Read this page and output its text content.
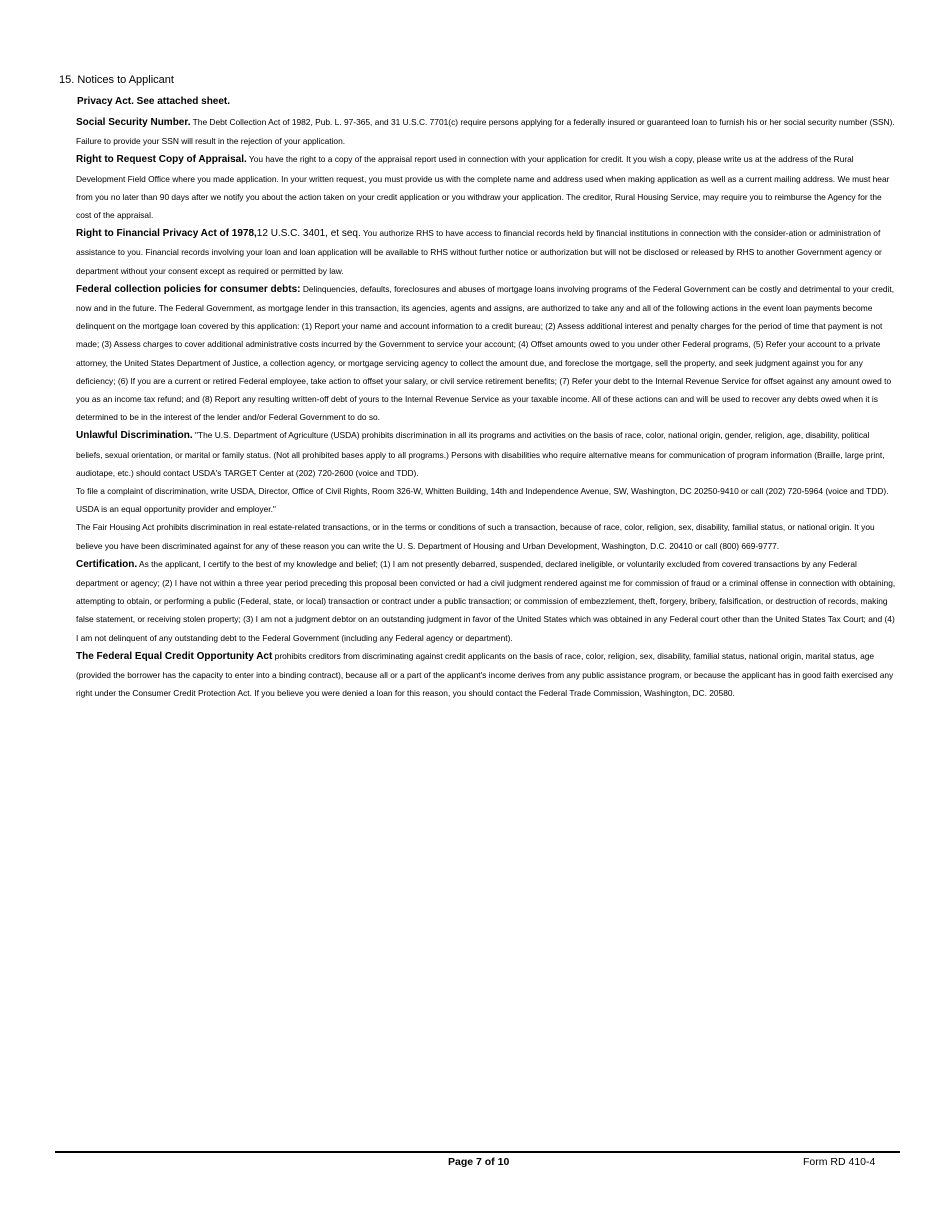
15. Notices to Applicant
Privacy Act. See attached sheet.

Social Security Number. The Debt Collection Act of 1982, Pub. L. 97-365, and 31 U.S.C. 7701(c) require persons applying for a federally insured or guaranteed loan to furnish his or her social security number (SSN). Failure to provide your SSN will result in the rejection of your application.

Right to Request Copy of Appraisal. You have the right to a copy of the appraisal report used in connection with your application for credit. It you wish a copy, please write us at the address of the Rural Development Field Office where you made application. In your written request, you must provide us with the complete name and address used when making application as well as a current mailing address. We must hear from you no later than 90 days after we notify you about the action taken on your credit application or you withdraw your application. The creditor, Rural Housing Service, may require you to reimburse the Agency for the cost of the appraisal.

Right to Financial Privacy Act of 1978,12 U.S.C. 3401, et seq. You authorize RHS to have access to financial records held by financial institutions in connection with the consider-ation or administration of assistance to you. Financial records involving your loan and loan application will be available to RHS without further notice or authorization but will not be disclosed or released by RHS to another Government agency or department without your consent except as required or permitted by law.

Federal collection policies for consumer debts: Delinquencies, defaults, foreclosures and abuses of mortgage loans involving programs of the Federal Government can be costly and detrimental to your credit, now and in the future. The Federal Government, as mortgage lender in this transaction, its agencies, agents and assigns, are authorized to take any and all of the following actions in the event loan payments become delinquent on the mortgage loan covered by this application: (1) Report your name and account information to a credit bureau; (2) Assess additional interest and penalty charges for the period of time that payment is not made; (3) Assess charges to cover additional administrative costs incurred by the Government to service your account; (4) Offset amounts owed to you under other Federal programs, (5) Refer your account to a private attorney, the United States Department of Justice, a collection agency, or mortgage servicing agency to collect the amount due, and foreclose the mortgage, sell the property, and seek judgment against you for any deficiency; (6) If you are a current or retired Federal employee, take action to offset your salary, or civil service retirement benefits; (7) Refer your debt to the Internal Revenue Service for offset against any amount owed to you as an income tax refund; and (8) Report any resulting written-off debt of yours to the Internal Revenue Service as your taxable income. All of these actions can and will be used to recover any debts owed when it is determined to be in the interest of the lender and/or Federal Government to do so.

Unlawful Discrimination. "The U.S. Department of Agriculture (USDA) prohibits discrimination in all its programs and activities on the basis of race, color, national origin, gender, religion, age, disability, political beliefs, sexual orientation, or marital or family status. (Not all prohibited bases apply to all programs.) Persons with disabilities who require alternative means for communication of program information (Braille, large print, audiotape, etc.) should contact USDA's TARGET Center at (202) 720-2600 (voice and TDD).

To file a complaint of discrimination, write USDA, Director, Office of Civil Rights, Room 326-W, Whitten Building, 14th and Independence Avenue, SW, Washington, DC 20250-9410 or call (202) 720-5964 (voice and TDD). USDA is an equal opportunity provider and employer."

The Fair Housing Act prohibits discrimination in real estate-related transactions, or in the terms or conditions of such a transaction, because of race, color, religion, sex, disability, familial status, or national origin. It you believe you have been discriminated against for any of these reason you can write the U. S. Department of Housing and Urban Development, Washington, D.C. 20410 or call (800) 669-9777.

Certification. As the applicant, I certify to the best of my knowledge and belief; (1) I am not presently debarred, suspended, declared ineligible, or voluntarily excluded from covered transactions by any Federal department or agency; (2) I have not within a three year period preceding this proposal been convicted or had a civil judgment rendered against me for commission of fraud or a criminal offense in connection with obtaining, attempting to obtain, or performing a public (Federal, state, or local) transaction or contract under a public transaction; or commission of embezzlement, theft, forgery, bribery, falsification, or destruction of records, making false statement, or receiving stolen property; (3) I am not a judgment debtor on an outstanding judgment in favor of the United States which was obtained in any Federal court other than the United States Tax Court; and (4) I am not delinquent of any outstanding debt to the Federal Government (including any Federal agency or department).

The Federal Equal Credit Opportunity Act prohibits creditors from discriminating against credit applicants on the basis of race, color, religion, sex, disability, familial status, national origin, marital status, age (provided the borrower has the capacity to enter into a binding contract), because all or a part of the applicant's income derives from any public assistance program, or because the applicant has in good faith exercised any right under the Consumer Credit Protection Act. If you believe you were denied a loan for this reason, you should contact the Federal Trade Commission, Washington, DC. 20580.

Page 7 of 10	Form RD 410-4
